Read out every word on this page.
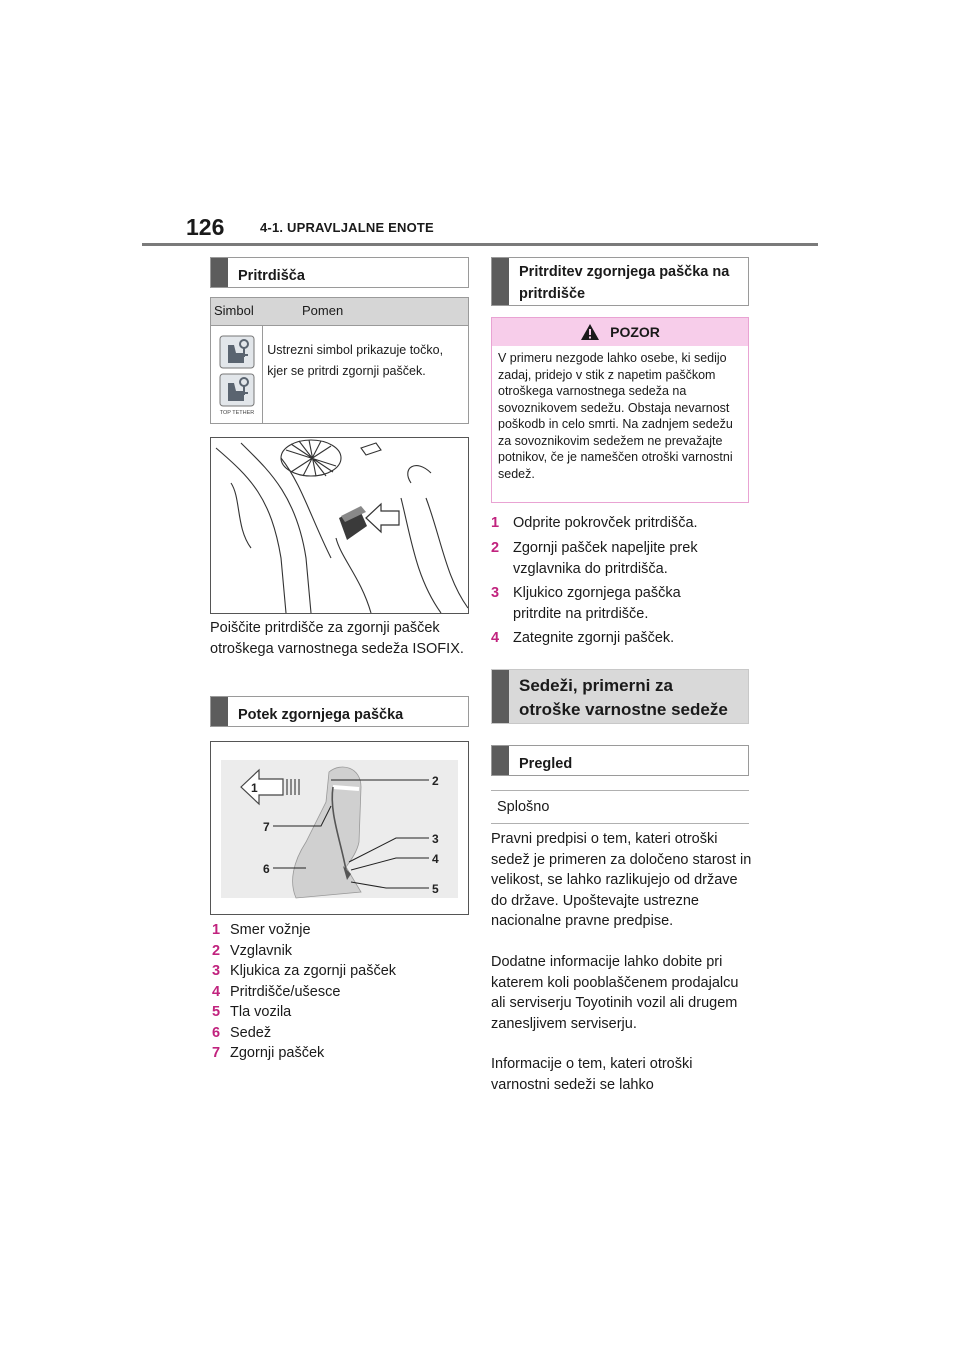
126	4-1. UPRAVLJALNE ENOTE
Pritrdišča
Simbol	Pomen
TOP TETHER
Ustrezni simbol prikazuje točko, kjer se pritrdi zgornji pašček.
Poiščite pritrdišče za zgornji pašček otroškega varnostnega sedeža ISOFIX.
Potek zgornjega paščka
1	2
3
4
5
6
7
1 Smer vožnje
2 Vzglavnik
3 Kljukica za zgornji pašček
4 Pritrdišče/ušesce
5 Tla vozila
6 Sedež
7 Zgornji pašček
Pritrditev zgornjega paščka na pritrdišče
POZOR
V primeru nezgode lahko osebe, ki sedijo zadaj, pridejo v stik z napetim paščkom otroškega varnostnega sedeža na sovoznikovem sedežu. Obstaja nevarnost poškodb in celo smrti. Na zadnjem sedežu za sovoznikovim sedežem ne prevažajte potnikov, če je nameščen otroški varnostni sedež.
1 Odprite pokrovček pritrdišča.
2 Zgornji pašček napeljite prek vzglavnika do pritrdišča.
3 Kljukico zgornjega paščka pritrdite na pritrdišče.
4 Zategnite zgornji pašček.
Sedeži, primerni za otroške varnostne sedeže
Pregled
Splošno
Pravni predpisi o tem, kateri otroški sedež je primeren za določeno starost in velikost, se lahko razlikujejo od države do države. Upoštevajte ustrezne nacionalne pravne predpise.
Dodatne informacije lahko dobite pri katerem koli pooblaščenem prodajalcu ali serviserju Toyotinih vozil ali drugem zanesljivem serviserju.
Informacije o tem, kateri otroški varnostni sedeži se lahko
